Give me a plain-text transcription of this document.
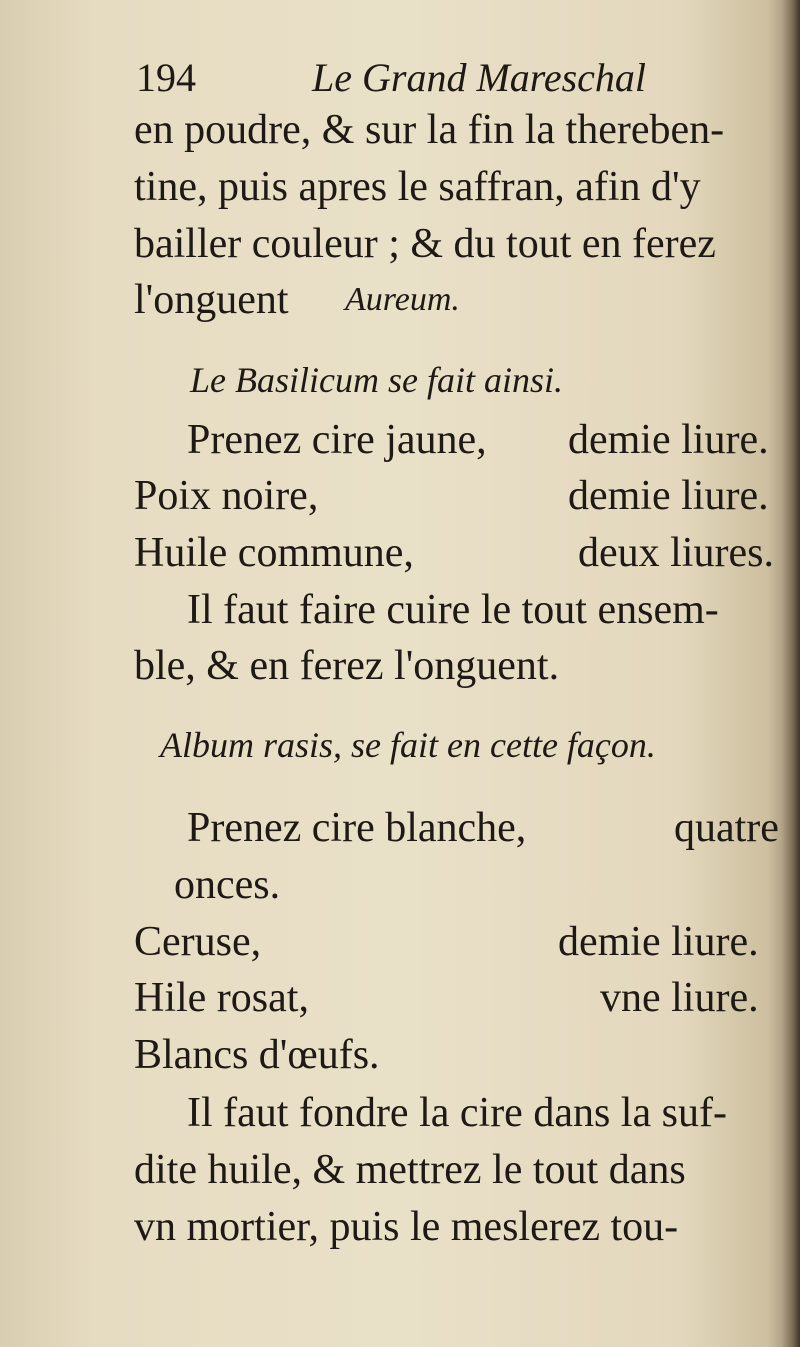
194	Le Grand Mareschal
en poudre, & sur la fin la thereben-
tine, puis apres le saffran, afin d'y
bailler couleur ; & du tout en ferez
l'onguent Aureum.
Le Basilicum se fait ainsi.
Prenez cire jaune, demie liure.
Poix noire,	demie liure.
Huile commune,	deux liures.
Il faut faire cuire le tout ensem-
ble, & en ferez l'onguent.
Album rasis, se fait en cette façon.
Prenez cire blanche,	quatre
onces.
Ceruse,	demie liure.
Hile rosat,	vne liure.
Blancs d'œufs.
Il faut fondre la cire dans la suf-
dite huile, & mettrez le tout dans
vn mortier, puis le meslerez tou-
